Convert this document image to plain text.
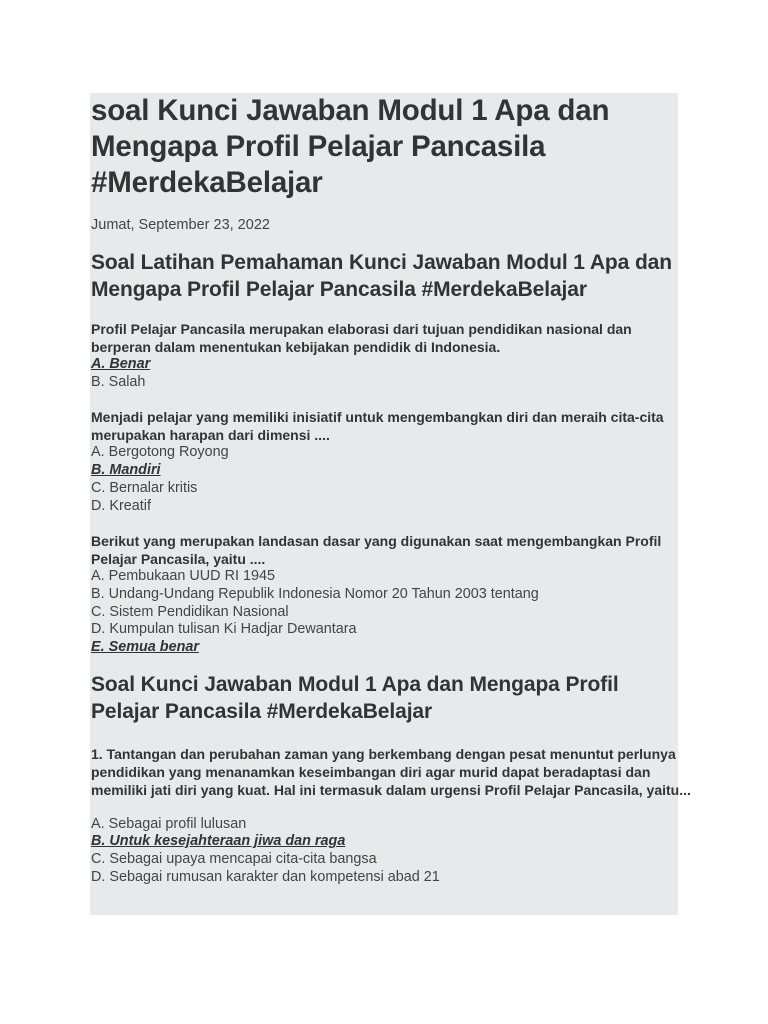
soal Kunci Jawaban Modul 1 Apa dan Mengapa Profil Pelajar Pancasila #MerdekaBelajar
Jumat, September 23, 2022
Soal Latihan Pemahaman Kunci Jawaban Modul 1 Apa dan Mengapa Profil Pelajar Pancasila #MerdekaBelajar
Profil Pelajar Pancasila merupakan elaborasi dari tujuan pendidikan nasional dan berperan dalam menentukan kebijakan pendidik di Indonesia.
A. Benar
B. Salah
Menjadi pelajar yang memiliki inisiatif untuk mengembangkan diri dan meraih cita-cita merupakan harapan dari dimensi ....
A. Bergotong Royong
B. Mandiri
C. Bernalar kritis
D. Kreatif
Berikut yang merupakan landasan dasar yang digunakan saat mengembangkan Profil Pelajar Pancasila, yaitu ....
A. Pembukaan UUD RI 1945
B. Undang-Undang Republik Indonesia Nomor 20 Tahun 2003 tentang
C. Sistem Pendidikan Nasional
D. Kumpulan tulisan Ki Hadjar Dewantara
E. Semua benar
Soal Kunci Jawaban Modul 1 Apa dan Mengapa Profil Pelajar Pancasila #MerdekaBelajar
1. Tantangan dan perubahan zaman yang berkembang dengan pesat menuntut perlunya pendidikan yang menanamkan keseimbangan diri agar murid dapat beradaptasi dan memiliki jati diri yang kuat. Hal ini termasuk dalam urgensi Profil Pelajar Pancasila, yaitu...
A. Sebagai profil lulusan
B. Untuk kesejahteraan jiwa dan raga
C. Sebagai upaya mencapai cita-cita bangsa
D. Sebagai rumusan karakter dan kompetensi abad 21
